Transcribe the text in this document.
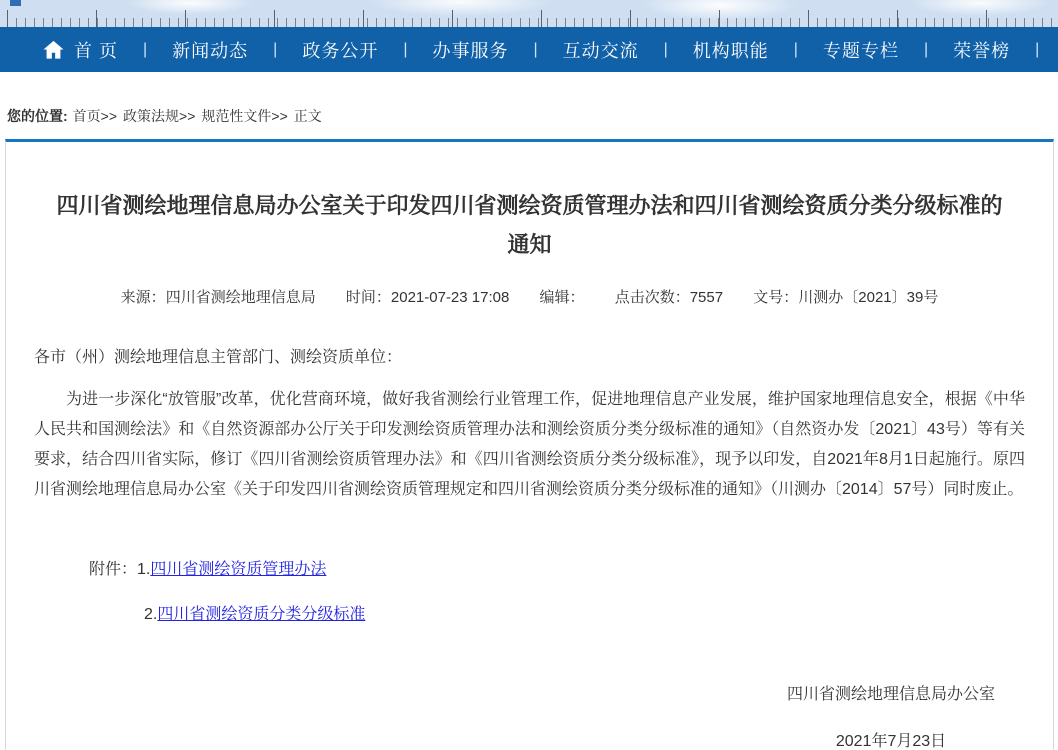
首 页 | 新闻动态 | 政务公开 | 办事服务 | 互动交流 | 机构职能 | 专题专栏 | 荣誉榜 |
您的位置: 首页>> 政策法规>> 规范性文件>> 正文
四川省测绘地理信息局办公室关于印发四川省测绘资质管理办法和四川省测绘资质分类分级标准的通知
来源：四川省测绘地理信息局 时间：2021-07-23 17:08 编辑： 点击次数：7557 文号：川测办〔2021〕39号

各市（州）测绘地理信息主管部门、测绘资质单位：

为进一步深化“放管服”改革，优化营商环境，做好我省测绘行业管理工作，促进地理信息产业发展，维护国家地理信息安全，根据《中华人民共和国测绘法》和《自然资源部办公厅关于印发测绘资质管理办法和测绘资质分类分级标准的通知》（自然资办发〔2021〕43号）等有关要求，结合四川省实际，修订《四川省测绘资质管理办法》和《四川省测绘资质分类分级标准》，现予以印发，自2021年8月1日起施行。原四川省测绘地理信息局办公室《关于印发四川省测绘资质管理规定和四川省测绘资质分类分级标准的通知》（川测办〔2014〕57号）同时废止。

附件：1.四川省测绘资质管理办法
2.四川省测绘资质分类分级标准
四川省测绘地理信息局办公室
2021年7月23日
